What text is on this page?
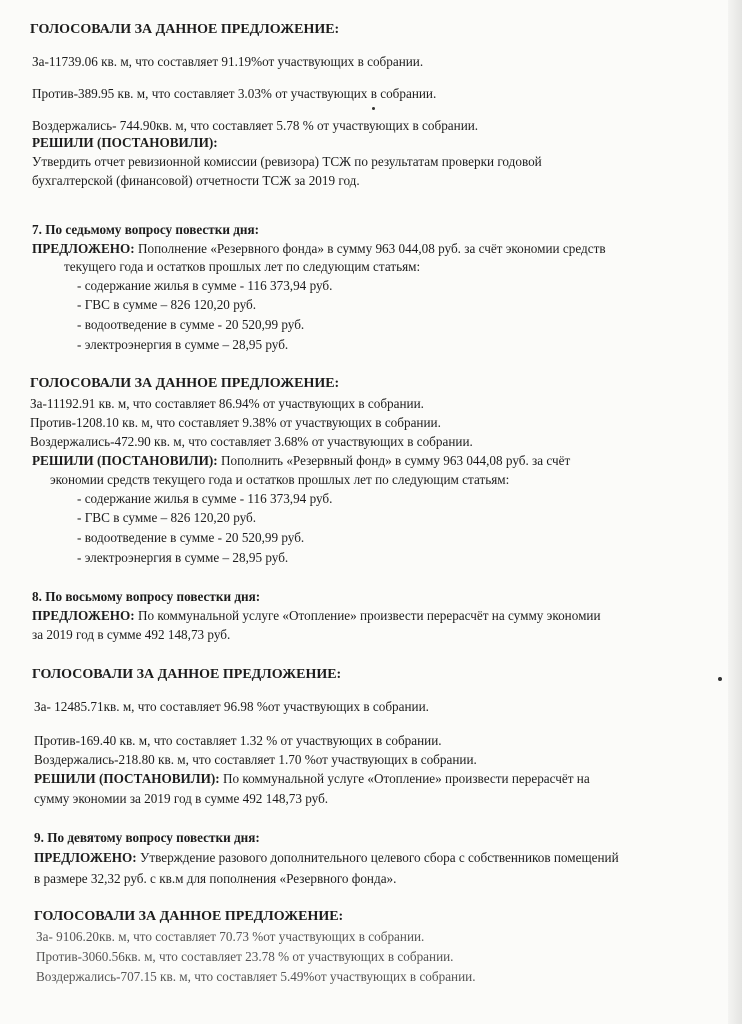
ГОЛОСОВАЛИ ЗА ДАННОЕ ПРЕДЛОЖЕНИЕ:
За-11739.06 кв. м, что составляет 91.19%от участвующих в собрании.
Против-389.95 кв. м, что составляет 3.03% от участвующих в собрании.
Воздержались- 744.90кв. м, что составляет 5.78 % от участвующих в собрании.
РЕШИЛИ (ПОСТАНОВИЛИ):
Утвердить отчет ревизионной комиссии (ревизора) ТСЖ по результатам проверки годовой
бухгалтерской (финансовой) отчетности ТСЖ за 2019 год.
7. По седьмому вопросу повестки дня:
ПРЕДЛОЖЕНО: Пополнение «Резервного фонда» в сумму 963 044,08 руб. за счёт экономии средств
текущего года и остатков прошлых лет по следующим статьям:
- содержание жилья в сумме - 116 373,94 руб.
- ГВС в сумме – 826 120,20 руб.
- водоотведение в сумме - 20 520,99 руб.
- электроэнергия в сумме – 28,95 руб.
ГОЛОСОВАЛИ ЗА ДАННОЕ ПРЕДЛОЖЕНИЕ:
За-11192.91 кв. м, что составляет 86.94% от участвующих в собрании.
Против-1208.10 кв. м, что составляет 9.38% от участвующих в собрании.
Воздержались-472.90 кв. м, что составляет 3.68% от участвующих в собрании.
РЕШИЛИ (ПОСТАНОВИЛИ): Пополнить «Резервный фонд» в сумму 963 044,08 руб. за счёт
экономии средств текущего года и остатков прошлых лет по следующим статьям:
- содержание жилья в сумме - 116 373,94 руб.
- ГВС в сумме – 826 120,20 руб.
- водоотведение в сумме - 20 520,99 руб.
- электроэнергия в сумме – 28,95 руб.
8. По восьмому вопросу повестки дня:
ПРЕДЛОЖЕНО: По коммунальной услуге «Отопление» произвести перерасчёт на сумму экономии
за 2019 год в сумме 492 148,73 руб.
ГОЛОСОВАЛИ ЗА ДАННОЕ ПРЕДЛОЖЕНИЕ:
За- 12485.71кв. м, что составляет 96.98 %от участвующих в собрании.
Против-169.40 кв. м, что составляет 1.32 % от участвующих в собрании.
Воздержались-218.80 кв. м, что составляет 1.70 %от участвующих в собрании.
РЕШИЛИ (ПОСТАНОВИЛИ): По коммунальной услуге «Отопление» произвести перерасчёт на
сумму экономии за 2019 год в сумме 492 148,73 руб.
9. По девятому вопросу повестки дня:
ПРЕДЛОЖЕНО: Утверждение разового дополнительного целевого сбора с собственников помещений
в размере 32,32 руб. с кв.м для пополнения «Резервного фонда».
ГОЛОСОВАЛИ ЗА ДАННОЕ ПРЕДЛОЖЕНИЕ:
За- 9106.20кв. м, что составляет 70.73 %от участвующих в собрании.
Против-3060.56кв. м, что составляет 23.78 % от участвующих в собрании.
Воздержались-707.15 кв. м, что составляет 5.49%от участвующих в собрании.
